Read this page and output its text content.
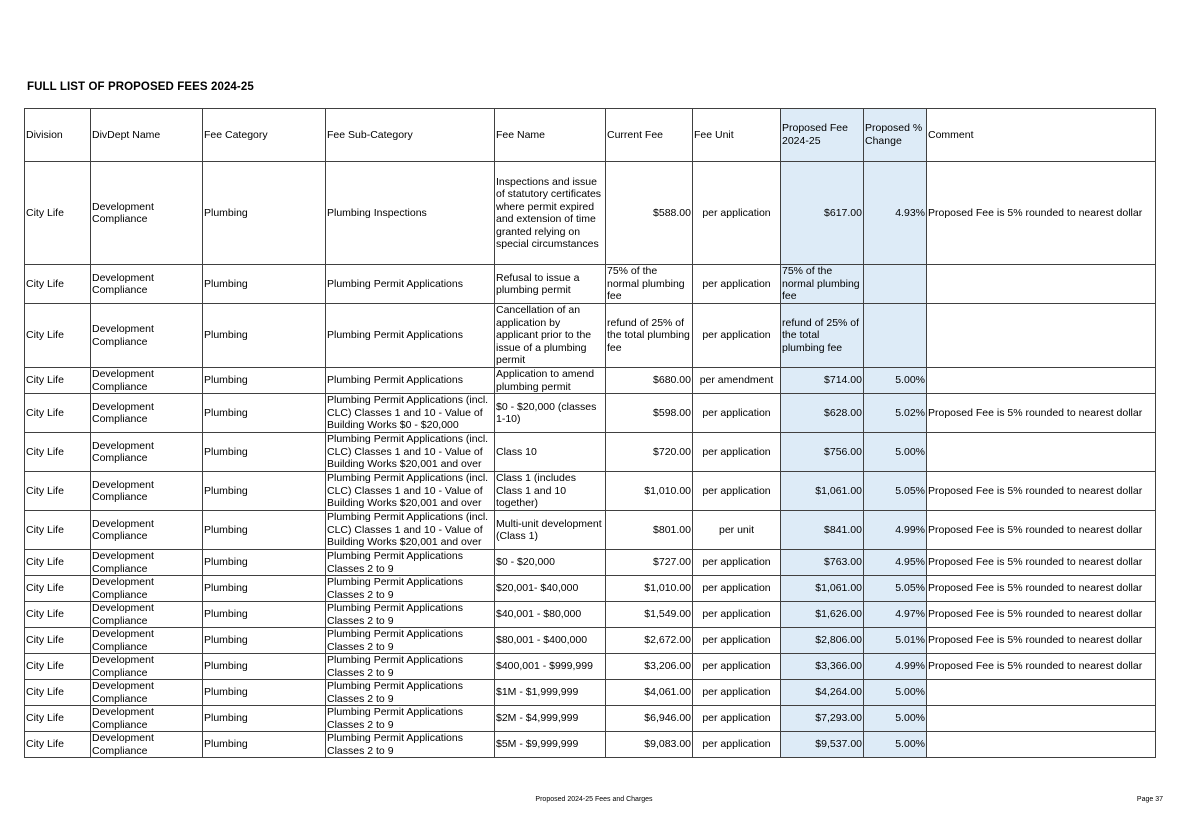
FULL LIST OF PROPOSED FEES 2024-25
Division	DivDept Name	Fee Category	Fee Sub-Category	Fee Name	Current Fee	Fee Unit	Proposed Fee 2024-25	Proposed % Change	Comment
City Life	Development Compliance	Plumbing	Plumbing Inspections	Inspections and issue of statutory certificates where permit expired and extension of time granted relying on special circumstances	$588.00	per application	$617.00	4.93%	Proposed Fee is 5% rounded to nearest dollar
City Life	Development Compliance	Plumbing	Plumbing Permit Applications	Refusal to issue a plumbing permit	75% of the normal plumbing fee	per application	75% of the normal plumbing fee		
City Life	Development Compliance	Plumbing	Plumbing Permit Applications	Cancellation of an application by applicant prior to the issue of a plumbing permit	refund of 25% of the total plumbing fee	per application	refund of 25% of the total plumbing fee		
City Life	Development Compliance	Plumbing	Plumbing Permit Applications	Application to amend plumbing permit	$680.00	per amendment	$714.00	5.00%	
City Life	Development Compliance	Plumbing	Plumbing Permit Applications (incl. CLC) Classes 1 and 10 - Value of Building Works $0 - $20,000	$0 - $20,000 (classes 1-10)	$598.00	per application	$628.00	5.02%	Proposed Fee is 5% rounded to nearest dollar
City Life	Development Compliance	Plumbing	Plumbing Permit Applications (incl. CLC) Classes 1 and 10 - Value of Building Works $20,001 and over	Class 10	$720.00	per application	$756.00	5.00%	
City Life	Development Compliance	Plumbing	Plumbing Permit Applications (incl. CLC) Classes 1 and 10 - Value of Building Works $20,001 and over	Class 1 (includes Class 1 and 10 together)	$1,010.00	per application	$1,061.00	5.05%	Proposed Fee is 5% rounded to nearest dollar
City Life	Development Compliance	Plumbing	Plumbing Permit Applications (incl. CLC) Classes 1 and 10 - Value of Building Works $20,001 and over	Multi-unit development (Class 1)	$801.00	per unit	$841.00	4.99%	Proposed Fee is 5% rounded to nearest dollar
City Life	Development Compliance	Plumbing	Plumbing Permit Applications Classes 2 to 9	$0 - $20,000	$727.00	per application	$763.00	4.95%	Proposed Fee is 5% rounded to nearest dollar
City Life	Development Compliance	Plumbing	Plumbing Permit Applications Classes 2 to 9	$20,001- $40,000	$1,010.00	per application	$1,061.00	5.05%	Proposed Fee is 5% rounded to nearest dollar
City Life	Development Compliance	Plumbing	Plumbing Permit Applications Classes 2 to 9	$40,001 - $80,000	$1,549.00	per application	$1,626.00	4.97%	Proposed Fee is 5% rounded to nearest dollar
City Life	Development Compliance	Plumbing	Plumbing Permit Applications Classes 2 to 9	$80,001 - $400,000	$2,672.00	per application	$2,806.00	5.01%	Proposed Fee is 5% rounded to nearest dollar
City Life	Development Compliance	Plumbing	Plumbing Permit Applications Classes 2 to 9	$400,001 - $999,999	$3,206.00	per application	$3,366.00	4.99%	Proposed Fee is 5% rounded to nearest dollar
City Life	Development Compliance	Plumbing	Plumbing Permit Applications Classes 2 to 9	$1M - $1,999,999	$4,061.00	per application	$4,264.00	5.00%	
City Life	Development Compliance	Plumbing	Plumbing Permit Applications Classes 2 to 9	$2M - $4,999,999	$6,946.00	per application	$7,293.00	5.00%	
City Life	Development Compliance	Plumbing	Plumbing Permit Applications Classes 2 to 9	$5M - $9,999,999	$9,083.00	per application	$9,537.00	5.00%	
Proposed 2024-25 Fees and Charges	Page 37
